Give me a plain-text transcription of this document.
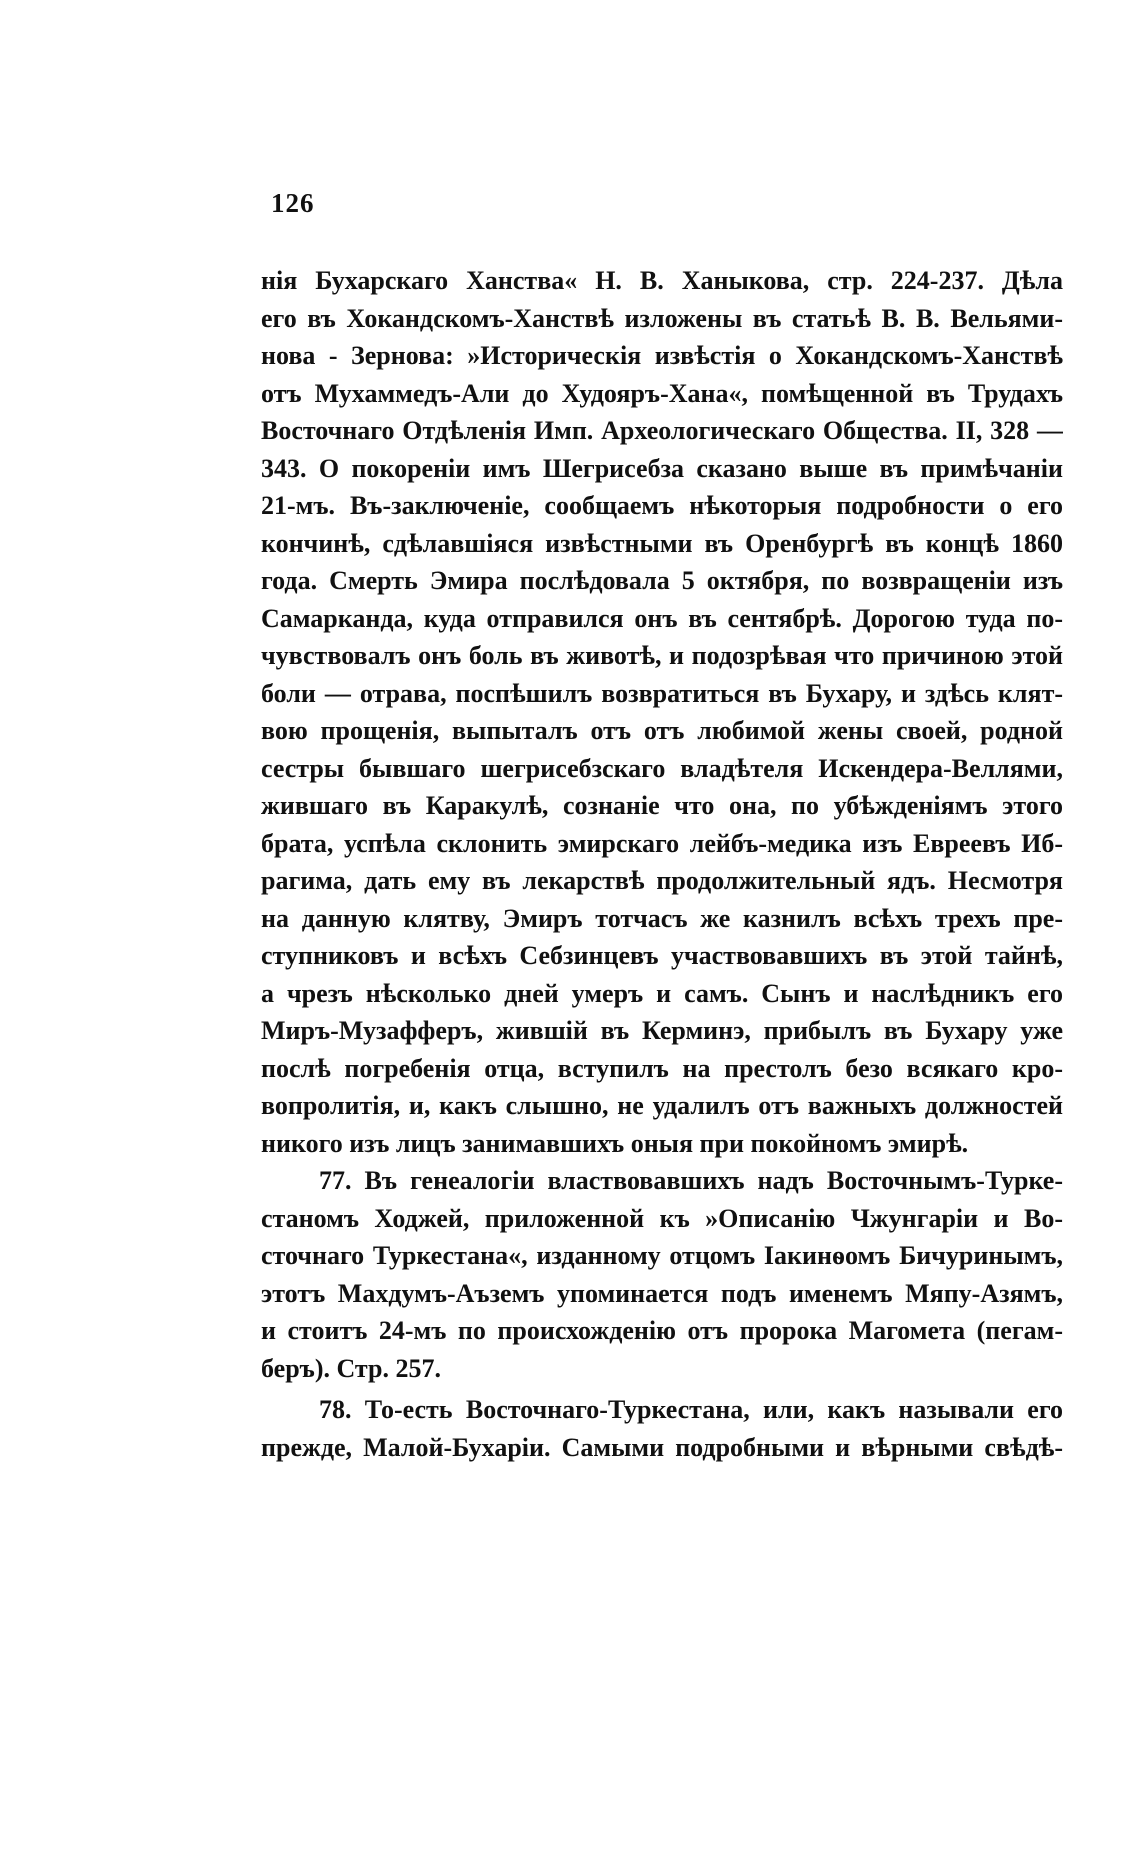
126
нія Бухарскаго Ханства« Н. В. Ханыкова, стр. 224-237. Дѣла
его въ Хокандскомъ-Ханствѣ изложены въ статьѣ В. В. Вельями-
нова - Зернова: »Историческія извѣстія о Хокандскомъ-Ханствѣ
отъ Мухаммедъ-Али до Худояръ-Хана«, помѣщенной въ Трудахъ
Восточнаго Отдѣленія Имп. Археологическаго Общества. II, 328 —
343. О покореніи имъ Шегрисебза сказано выше въ примѣчаніи
21-мъ. Въ-заключеніе, сообщаемъ нѣкоторыя подробности о его
кончинѣ, сдѣлавшіяся извѣстными въ Оренбургѣ въ концѣ 1860
года. Смерть Эмира послѣдовала 5 октября, по возвращеніи изъ
Самарканда, куда отправился онъ въ сентябрѣ. Дорогою туда по-
чувствовалъ онъ боль въ животѣ, и подозрѣвая что причиною этой
боли — отрава, поспѣшилъ возвратиться въ Бухару, и здѣсь клят-
вою прощенія, выпыталъ отъ отъ любимой жены своей, родной
сестры бывшаго шегрисебзскаго владѣтеля Искендера-Веллями,
жившаго въ Каракулѣ, сознаніе что она, по убѣжденіямъ этого
брата, успѣла склонить эмирскаго лейбъ-медика изъ Евреевъ Иб-
рагима, дать ему въ лекарствѣ продолжительный ядъ. Несмотря
на данную клятву, Эмиръ тотчасъ же казнилъ всѣхъ трехъ пре-
ступниковъ и всѣхъ Себзинцевъ участвовавшихъ въ этой тайнѣ,
а чрезъ нѣсколько дней умеръ и самъ. Сынъ и наслѣдникъ его
Миръ-Музафферъ, жившій въ Керминэ, прибылъ въ Бухару уже
послѣ погребенія отца, вступилъ на престолъ безо всякаго кро-
вопролитія, и, какъ слышно, не удалилъ отъ важныхъ должностей
никого изъ лицъ занимавшихъ оныя при покойномъ эмирѣ.
77. Въ генеалогіи властвовавшихъ надъ Восточнымъ-Турке-
станомъ Ходжей, приложенной къ »Описанію Чжунгаріи и Во-
сточнаго Туркестана«, изданному отцомъ Іакинѳомъ Бичуринымъ,
этотъ Махдумъ-Аъземъ упоминается подъ именемъ Мяпу-Азямъ,
и стоитъ 24-мъ по происхожденію отъ пророка Магомета (пегам-
беръ). Стр. 257.
78. То-есть Восточнаго-Туркестана, или, какъ называли его
прежде, Малой-Бухаріи. Самыми подробными и вѣрными свѣдѣ-
